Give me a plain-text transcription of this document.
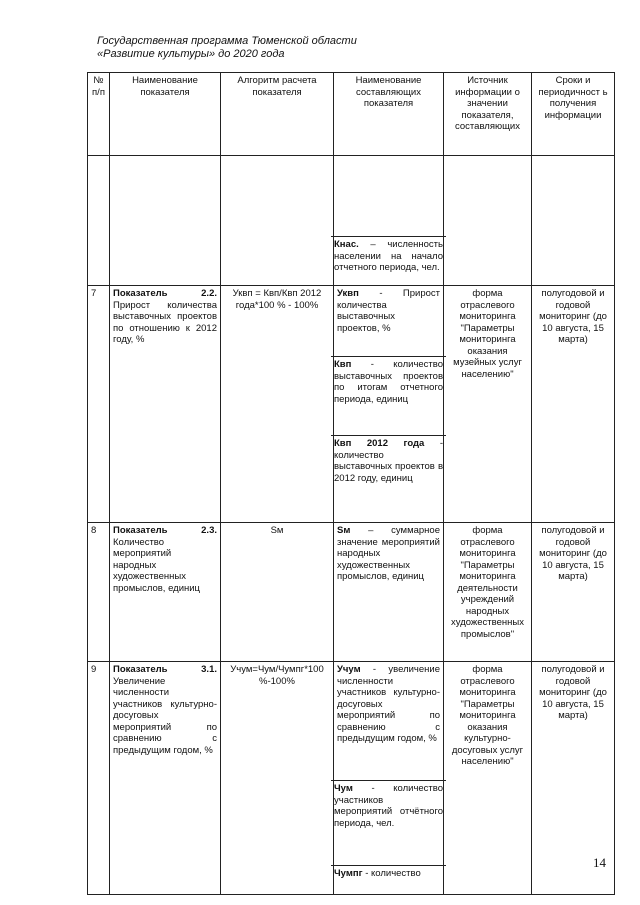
Государственная программа Тюменской области
«Развитие культуры» до 2020 года
№ п/п	Наименование показателя	Алгоритм расчета показателя	Наименование составляющих показателя	Источник информации о значении показателя, составляющих	Сроки и периодичност ь получения информации

			Кнас. – численность населении на начало отчетного периода, чел.		

7	Показатель 2.2. Прирост количества выставочных проектов по отношению к 2012 году, %	Уквп = Квп/Квп 2012 года*100 % - 100%	Уквп - Прирост количества выставочных проектов, %
Квп - количество выставочных проектов по итогам отчетного периода, единиц
Квп 2012 года - количество выставочных проектов в 2012 году, единиц	форма отраслевого мониторинга "Параметры мониторинга оказания музейных услуг населению"	полугодовой и годовой мониторинг (до 10 августа, 15 марта)
8	Показатель 2.3. Количество мероприятий народных художественных промыслов, единиц	Sм	Sм – суммарное значение мероприятий народных художественных промыслов, единиц	форма отраслевого мониторинга "Параметры мониторинга деятельности учреждений народных художественных промыслов"	полугодовой и годовой мониторинг (до 10 августа, 15 марта)
9	Показатель 3.1. Увеличение численности участников культурно-досуговых мероприятий по сравнению с предыдущим годом, %	Учум=Чум/Чумпг*100 %-100%	Учум - увеличение численности участников культурно-досуговых мероприятий по сравнению с предыдущим годом, %
Чум - количество участников мероприятий отчётного периода, чел.
Чумпг - количество	форма отраслевого мониторинга "Параметры мониторинга оказания культурно-досуговых услуг населению"	полугодовой и годовой мониторинг (до 10 августа, 15 марта)
14
